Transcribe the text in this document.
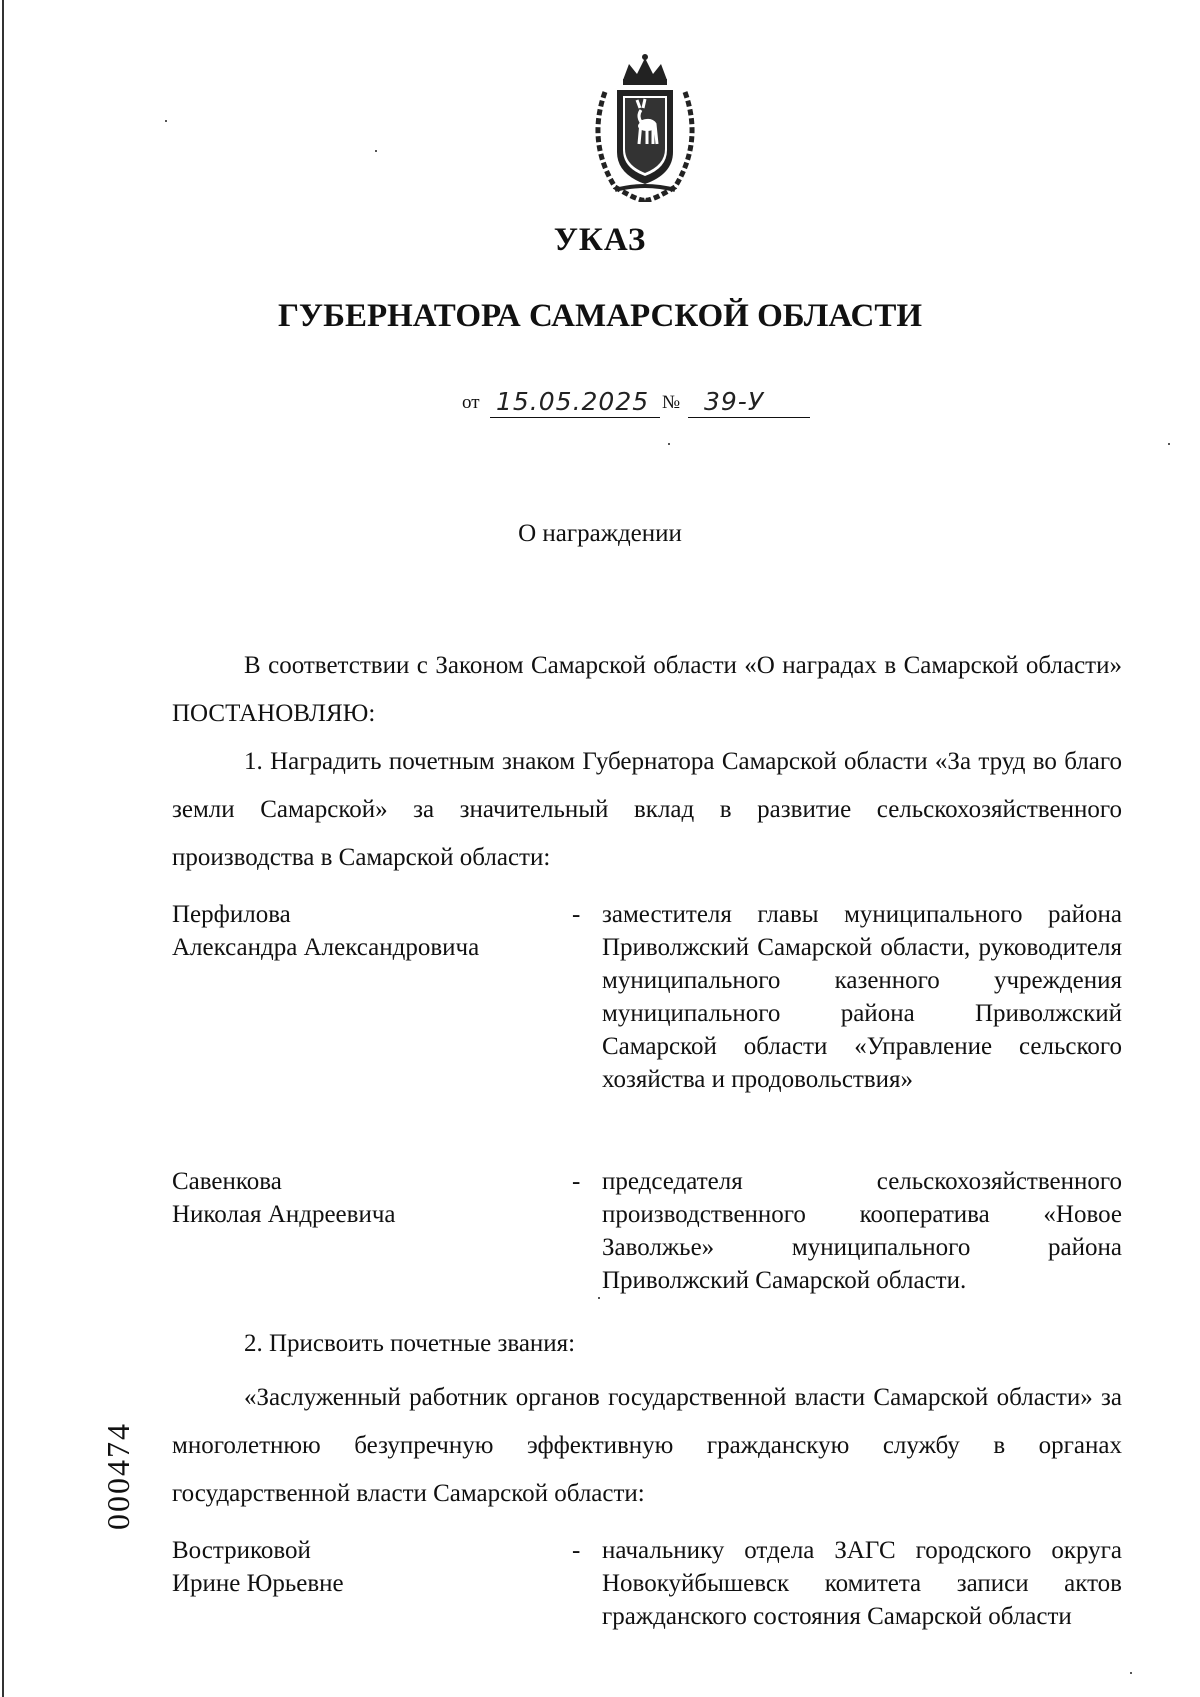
УКАЗ
ГУБЕРНАТОРА САМАРСКОЙ ОБЛАСТИ
от 15.05.2025 № 39-У
О награждении
В соответствии с Законом Самарской области «О наградах в Самарской области» ПОСТАНОВЛЯЮ:
1. Наградить почетным знаком Губернатора Самарской области «За труд во благо земли Самарской» за значительный вклад в развитие сельскохозяйственного производства в Самарской области:
Перфилова
Александра Александровича
- заместителя главы муниципального района Приволжский Самарской области, руководителя муниципального казенного учреждения муниципального района Приволжский Самарской области «Управление сельского хозяйства и продовольствия»
Савенкова
Николая Андреевича
- председателя сельскохозяйственного производственного кооператива «Новое Заволжье» муниципального района Приволжский Самарской области.
2. Присвоить почетные звания:
«Заслуженный работник органов государственной власти Самарской области» за многолетнюю безупречную эффективную гражданскую службу в органах государственной власти Самарской области:
Востриковой
Ирине Юрьевне
- начальнику отдела ЗАГС городского округа Новокуйбышевск комитета записи актов гражданского состояния Самарской области
000474
